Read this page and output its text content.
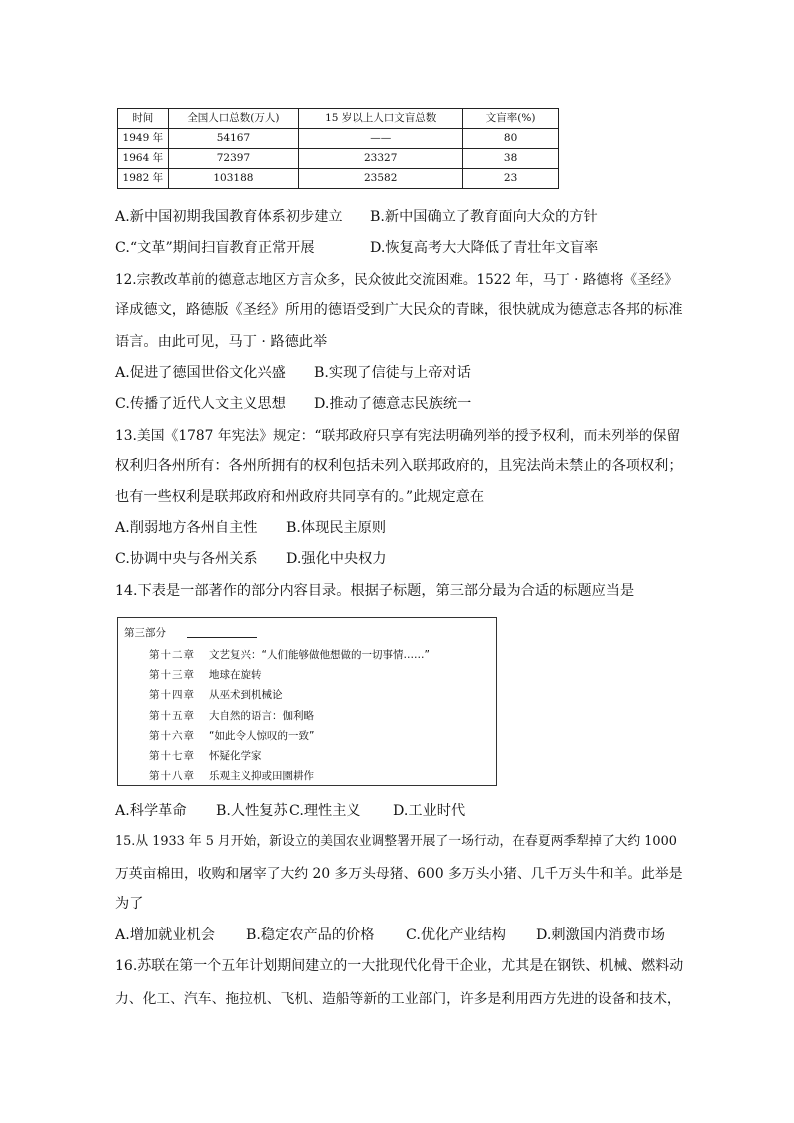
时间	全国人口总数(万人)	15 岁以上人口文盲总数	文盲率(%)
1949 年	54167	——	80
1964 年	72397	23327	38
1982 年	103188	23582	23
A.新中国初期我国教育体系初步建立 B.新中国确立了教育面向大众的方针
C.“文革”期间扫盲教育正常开展	D.恢复高考大大降低了青壮年文盲率
12.宗教改革前的德意志地区方言众多，民众彼此交流困难。1522 年，马丁 · 路德将《圣经》
译成德文，路德版《圣经》所用的德语受到广大民众的青睐，很快就成为德意志各邦的标准
语言。由此可见，马丁 · 路德此举
A.促进了德国世俗文化兴盛 B.实现了信徒与上帝对话
C.传播了近代人文主义思想 D.推动了德意志民族统一
13.美国《1787 年宪法》规定：“联邦政府只享有宪法明确列举的授予权利，而未列举的保留
权利归各州所有：各州所拥有的权利包括未列入联邦政府的，且宪法尚未禁止的各项权利；
也有一些权利是联邦政府和州政府共同享有的。”此规定意在
A.削弱地方各州自主性 B.体现民主原则
C.协调中央与各州关系 D.强化中央权力
14.下表是一部著作的部分内容目录。根据子标题，第三部分最为合适的标题应当是
第三部分
第十二章 文艺复兴：“人们能够做他想做的一切事情……”
第十三章 地球在旋转
第十四章 从巫术到机械论
第十五章 大自然的语言：伽利略
第十六章 “如此令人惊叹的一致”
第十七章 怀疑化学家
第十八章 乐观主义抑或田園耕作
A.科学革命 B.人性复苏 C.理性主义 D.工业时代
15.从 1933 年 5 月开始，新设立的美国农业调整署开展了一场行动，在春夏两季犁掉了大约 1000
万英亩棉田，收购和屠宰了大约 20 多万头母猪、600 多万头小猪、几千万头牛和羊。此举是
为了
A.增加就业机会 B.稳定农产品的价格 C.优化产业结构 D.刺激国内消费市场
16.苏联在第一个五年计划期间建立的一大批现代化骨干企业，尤其是在钢铁、机械、燃料动
力、化工、汽车、拖拉机、飞机、造船等新的工业部门，许多是利用西方先进的设备和技术，
